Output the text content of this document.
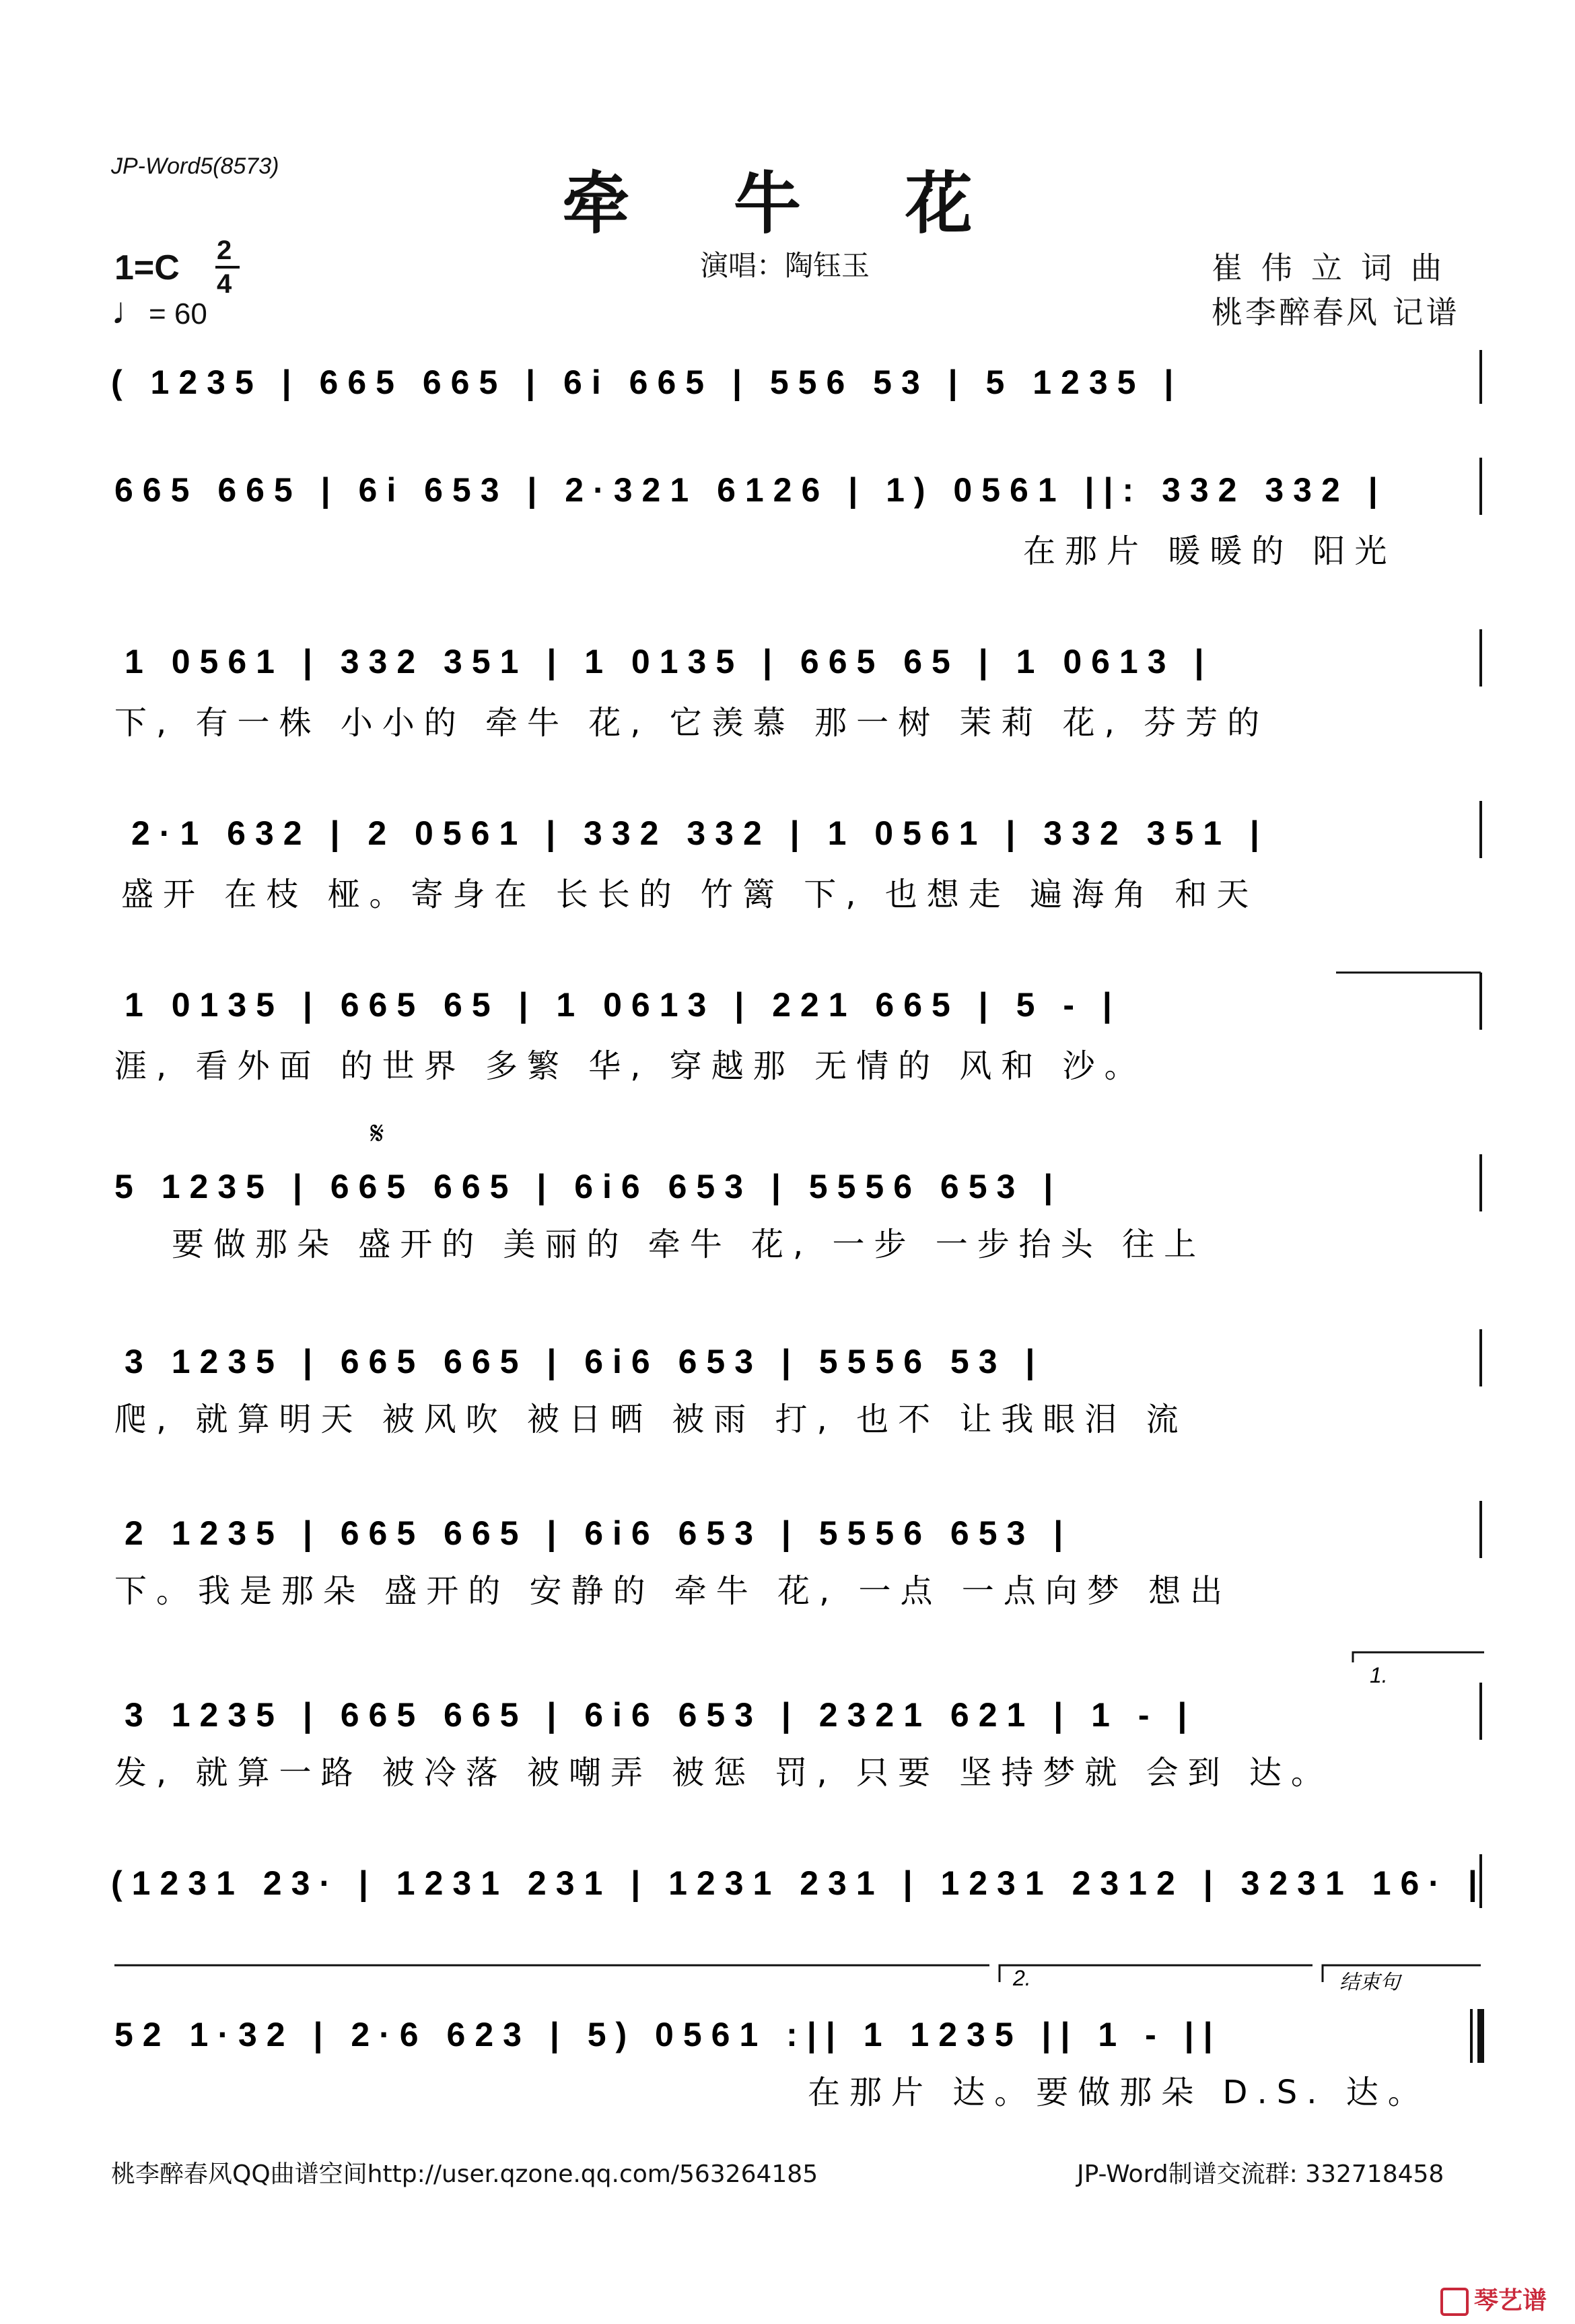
JP-Word5(8573)	牵 牛 花
演唱：陶钰玉	崔伟立词曲
桃李醉春风 记谱
1=C 2
4
♩= 60
( 1235 | 665 665 | 6i 665 | 556 53 | 5 1235 |
665 665 | 6i 653 | 2·321 6126 | 1) 0561 ||: 332 332 |
在那片 暖暖的 阳光
1 0561 | 332 351 | 1 0135 | 665 65 | 1 0613 |
下, 有一株 小小的 牵牛 花, 它羡慕 那一树 茉莉 花, 芬芳的
2·1 632 | 2 0561 | 332 332 | 1 0561 | 332 351 |
盛开 在枝 桠。寄身在 长长的 竹篱 下, 也想走 遍海角 和天
1 0135 | 665 65 | 1 0613 | 221 665 | 5 - |
涯, 看外面 的世界 多繁 华, 穿越那 无情的 风和 沙。
5 1235 | 665 665 | 6i6 653 | 5556 653 |
要做那朵 盛开的 美丽的 牵牛 花, 一步 一步抬头 往上
𝄋
3 1235 | 665 665 | 6i6 653 | 5556 53 |
爬, 就算明天 被风吹 被日晒 被雨 打, 也不 让我眼泪 流
2 1235 | 665 665 | 6i6 653 | 5556 653 |
下。我是那朵 盛开的 安静的 牵牛 花, 一点 一点向梦 想出
3 1235 | 665 665 | 6i6 653 | 2321 621 | 1 - |
发, 就算一路 被冷落 被嘲弄 被惩 罚, 只要 坚持梦就 会到 达。
1.
(1231 23· | 1231 231 | 1231 231 | 1231 2312 | 3231 16· |
52 1·32 | 2·6 623 | 5) 0561 :|| 1 1235 || 1 - ||
在那片 达。要做那朵 D.S. 达。
2.	结束句
桃李醉春风QQ曲谱空间http://user.qzone.qq.com/563264185	JP-Word制谱交流群: 332718458
琴艺谱
